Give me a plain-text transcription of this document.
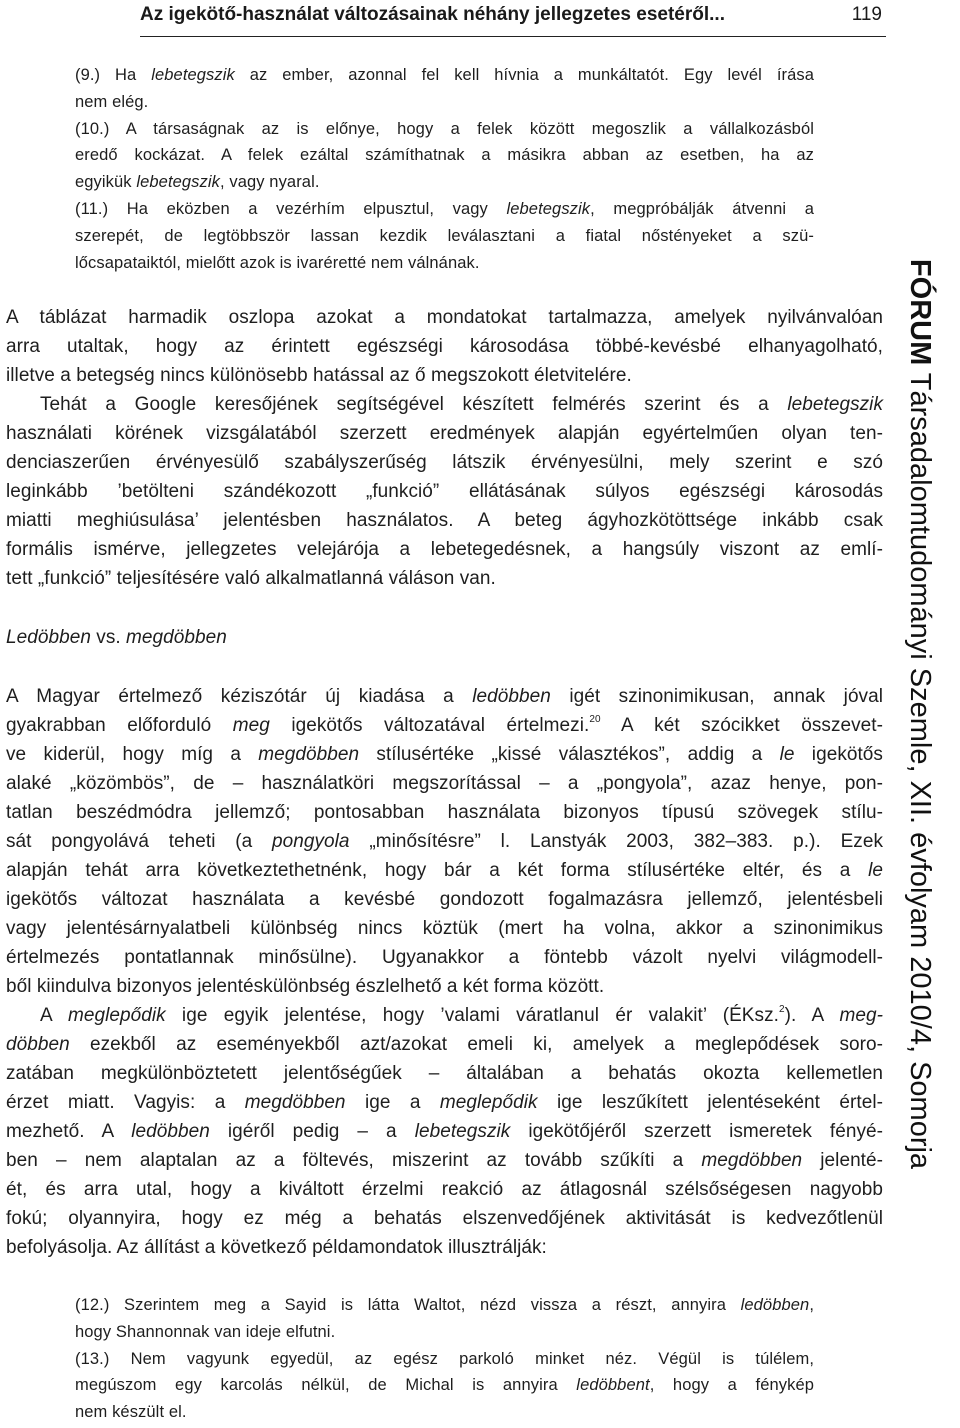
Az igekötő-használat változásainak néhány jellegzetes esetéről...	119
(9.) Ha lebetegszik az ember, azonnal fel kell hívnia a munkáltatót. Egy levél írása
nem elég.
(10.) A társaságnak az is előnye, hogy a felek között megoszlik a vállalkozásból
eredő kockázat. A felek ezáltal számíthatnak a másikra abban az esetben, ha az
egyikük lebetegszik, vagy nyaral.
(11.) Ha eközben a vezérhím elpusztul, vagy lebetegszik, megpróbálják átvenni a
szerepét, de legtöbbször lassan kezdik leválasztani a fiatal nőstényeket a szü-
lőcsapataiktól, mielőtt azok is ivaréretté nem válnának.
A táblázat harmadik oszlopa azokat a mondatokat tartalmazza, amelyek nyilvánvalóan
arra utaltak, hogy az érintett egészségi károsodása többé-kevésbé elhanyagolható,
illetve a betegség nincs különösebb hatással az ő megszokott életvitelére.
Tehát a Google keresőjének segítségével készített felmérés szerint és a lebetegszik
használati körének vizsgálatából szerzett eredmények alapján egyértelműen olyan ten-
denciaszerűen érvényesülő szabályszerűség látszik érvényesülni, mely szerint e szó
leginkább ’betölteni szándékozott „funkció” ellátásának súlyos egészségi károsodás
miatti meghiúsulása’ jelentésben használatos. A beteg ágyhozkötöttsége inkább csak
formális ismérve, jellegzetes velejárója a lebetegedésnek, a hangsúly viszont az emlí-
tett „funkció” teljesítésére való alkalmatlanná váláson van.
Ledöbben vs. megdöbben
A Magyar értelmező kéziszótár új kiadása a ledöbben igét szinonimikusan, annak jóval
gyakrabban előforduló meg igekötős változatával értelmezi.$^{20}$ A két szócikket összevet-
ve kiderül, hogy míg a megdöbben stílusértéke „kissé választékos”, addig a le igekötős
alaké „közömbös”, de – használatköri megszorítással – a „pongyola”, azaz henye, pon-
tatlan beszédmódra jellemző; pontosabban használata bizonyos típusú szövegek stílu-
sát pongyolává teheti (a pongyola „minősítésre” l. Lanstyák 2003, 382–383. p.). Ezek
alapján tehát arra következtethetnénk, hogy bár a két forma stílusértéke eltér, és a le
igekötős változat használata a kevésbé gondozott fogalmazásra jellemző, jelentésbeli
vagy jelentésárnyalatbeli különbség nincs köztük (mert ha volna, akkor a szinonimikus
értelmezés pontatlannak minősülne). Ugyanakkor a föntebb vázolt nyelvi világmodell-
ből kiindulva bizonyos jelentéskülönbség észlelhető a két forma között.
A meglepődik ige egyik jelentése, hogy ’valami váratlanul ér valakit’ (ÉKsz.$^2$). A meg-
döbben ezekből az eseményekből azt/azokat emeli ki, amelyek a meglepődések soro-
zatában megkülönböztetett jelentőségűek – általában a behatás okozta kellemetlen
érzet miatt. Vagyis: a megdöbben ige a meglepődik ige leszűkített jelentéseként értel-
mezhető. A ledöbben igéről pedig – a lebetegszik igekötőjéről szerzett ismeretek fényé-
ben – nem alaptalan az a föltevés, miszerint az tovább szűkíti a megdöbben jelenté-
ét, és arra utal, hogy a kiváltott érzelmi reakció az átlagosnál szélsőségesen nagyobb
fokú; olyannyira, hogy ez még a behatás elszenvedőjének aktivitását is kedvezőtlenül
befolyásolja. Az állítást a következő példamondatok illusztrálják:
(12.) Szerintem meg a Sayid is látta Waltot, nézd vissza a részt, annyira ledöbben,
hogy Shannonnak van ideje elfutni.
(13.) Nem vagyunk egyedül, az egész parkoló minket néz. Végül is túlélem,
megúszom egy karcolás nélkül, de Michal is annyira ledöbbent, hogy a fénykép
nem készült el.
FÓRUM Társadalomtudományi Szemle, XII. évfolyam 2010/4, Somorja
